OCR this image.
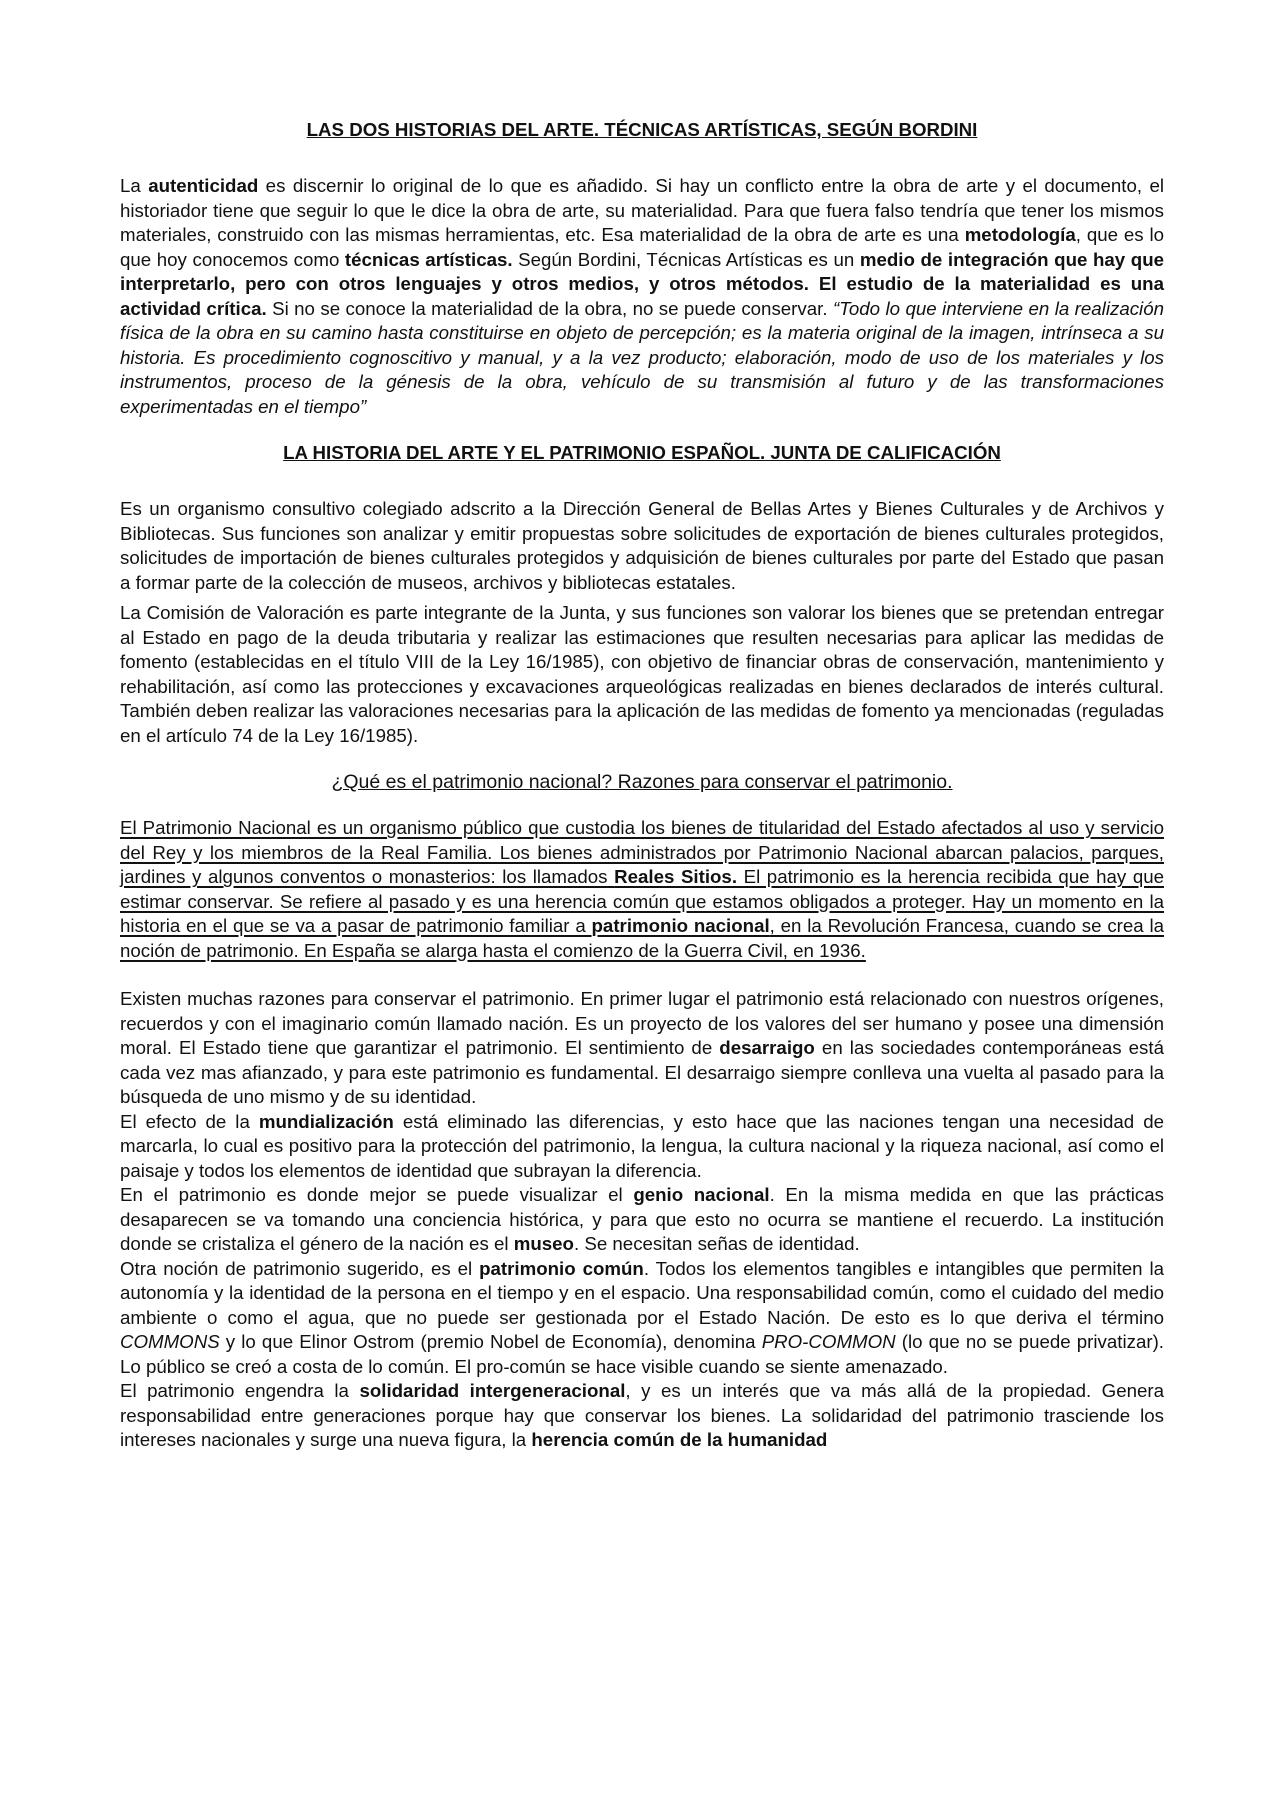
LAS DOS HISTORIAS DEL ARTE. TÉCNICAS ARTÍSTICAS, SEGÚN BORDINI

La autenticidad es discernir lo original de lo que es añadido. Si hay un conflicto entre la obra de arte y el documento, el historiador tiene que seguir lo que le dice la obra de arte, su materialidad. Para que fuera falso tendría que tener los mismos materiales, construido con las mismas herramientas, etc. Esa materialidad de la obra de arte es una metodología, que es lo que hoy conocemos como técnicas artísticas. Según Bordini, Técnicas Artísticas es un medio de integración que hay que interpretarlo, pero con otros lenguajes y otros medios, y otros métodos. El estudio de la materialidad es una actividad crítica. Si no se conoce la materialidad de la obra, no se puede conservar. “Todo lo que interviene en la realización física de la obra en su camino hasta constituirse en objeto de percepción; es la materia original de la imagen, intrínseca a su historia. Es procedimiento cognoscitivo y manual, y a la vez producto; elaboración, modo de uso de los materiales y los instrumentos, proceso de la génesis de la obra, vehículo de su transmisión al futuro y de las transformaciones experimentadas en el tiempo”

LA HISTORIA DEL ARTE Y EL PATRIMONIO ESPAÑOL. JUNTA DE CALIFICACIÓN

Es un organismo consultivo colegiado adscrito a la Dirección General de Bellas Artes y Bienes Culturales y de Archivos y Bibliotecas. Sus funciones son analizar y emitir propuestas sobre solicitudes de exportación de bienes culturales protegidos, solicitudes de importación de bienes culturales protegidos y adquisición de bienes culturales por parte del Estado que pasan a formar parte de la colección de museos, archivos y bibliotecas estatales.

La Comisión de Valoración es parte integrante de la Junta, y sus funciones son valorar los bienes que se pretendan entregar al Estado en pago de la deuda tributaria y realizar las estimaciones que resulten necesarias para aplicar las medidas de fomento (establecidas en el título VIII de la Ley 16/1985), con objetivo de financiar obras de conservación, mantenimiento y rehabilitación, así como las protecciones y excavaciones arqueológicas realizadas en bienes declarados de interés cultural. También deben realizar las valoraciones necesarias para la aplicación de las medidas de fomento ya mencionadas (reguladas en el artículo 74 de la Ley 16/1985).

¿Qué es el patrimonio nacional? Razones para conservar el patrimonio.

El Patrimonio Nacional es un organismo público que custodia los bienes de titularidad del Estado afectados al uso y servicio del Rey y los miembros de la Real Familia. Los bienes administrados por Patrimonio Nacional abarcan palacios, parques, jardines y algunos conventos o monasterios: los llamados Reales Sitios. El patrimonio es la herencia recibida que hay que estimar conservar. Se refiere al pasado y es una herencia común que estamos obligados a proteger. Hay un momento en la historia en el que se va a pasar de patrimonio familiar a patrimonio nacional, en la Revolución Francesa, cuando se crea la noción de patrimonio. En España se alarga hasta el comienzo de la Guerra Civil, en 1936.

Existen muchas razones para conservar el patrimonio. En primer lugar el patrimonio está relacionado con nuestros orígenes, recuerdos y con el imaginario común llamado nación. Es un proyecto de los valores del ser humano y posee una dimensión moral. El Estado tiene que garantizar el patrimonio. El sentimiento de desarraigo en las sociedades contemporáneas está cada vez mas afianzado, y para este patrimonio es fundamental. El desarraigo siempre conlleva una vuelta al pasado para la búsqueda de uno mismo y de su identidad.

El efecto de la mundialización está eliminado las diferencias, y esto hace que las naciones tengan una necesidad de marcarla, lo cual es positivo para la protección del patrimonio, la lengua, la cultura nacional y la riqueza nacional, así como el paisaje y todos los elementos de identidad que subrayan la diferencia.

En el patrimonio es donde mejor se puede visualizar el genio nacional. En la misma medida en que las prácticas desaparecen se va tomando una conciencia histórica, y para que esto no ocurra se mantiene el recuerdo. La institución donde se cristaliza el género de la nación es el museo. Se necesitan señas de identidad.

Otra noción de patrimonio sugerido, es el patrimonio común. Todos los elementos tangibles e intangibles que permiten la autonomía y la identidad de la persona en el tiempo y en el espacio. Una responsabilidad común, como el cuidado del medio ambiente o como el agua, que no puede ser gestionada por el Estado Nación. De esto es lo que deriva el término COMMONS y lo que Elinor Ostrom (premio Nobel de Economía), denomina PRO-COMMON (lo que no se puede privatizar). Lo público se creó a costa de lo común. El pro-común se hace visible cuando se siente amenazado.

El patrimonio engendra la solidaridad intergeneracional, y es un interés que va más allá de la propiedad. Genera responsabilidad entre generaciones porque hay que conservar los bienes. La solidaridad del patrimonio trasciende los intereses nacionales y surge una nueva figura, la herencia común de la humanidad
